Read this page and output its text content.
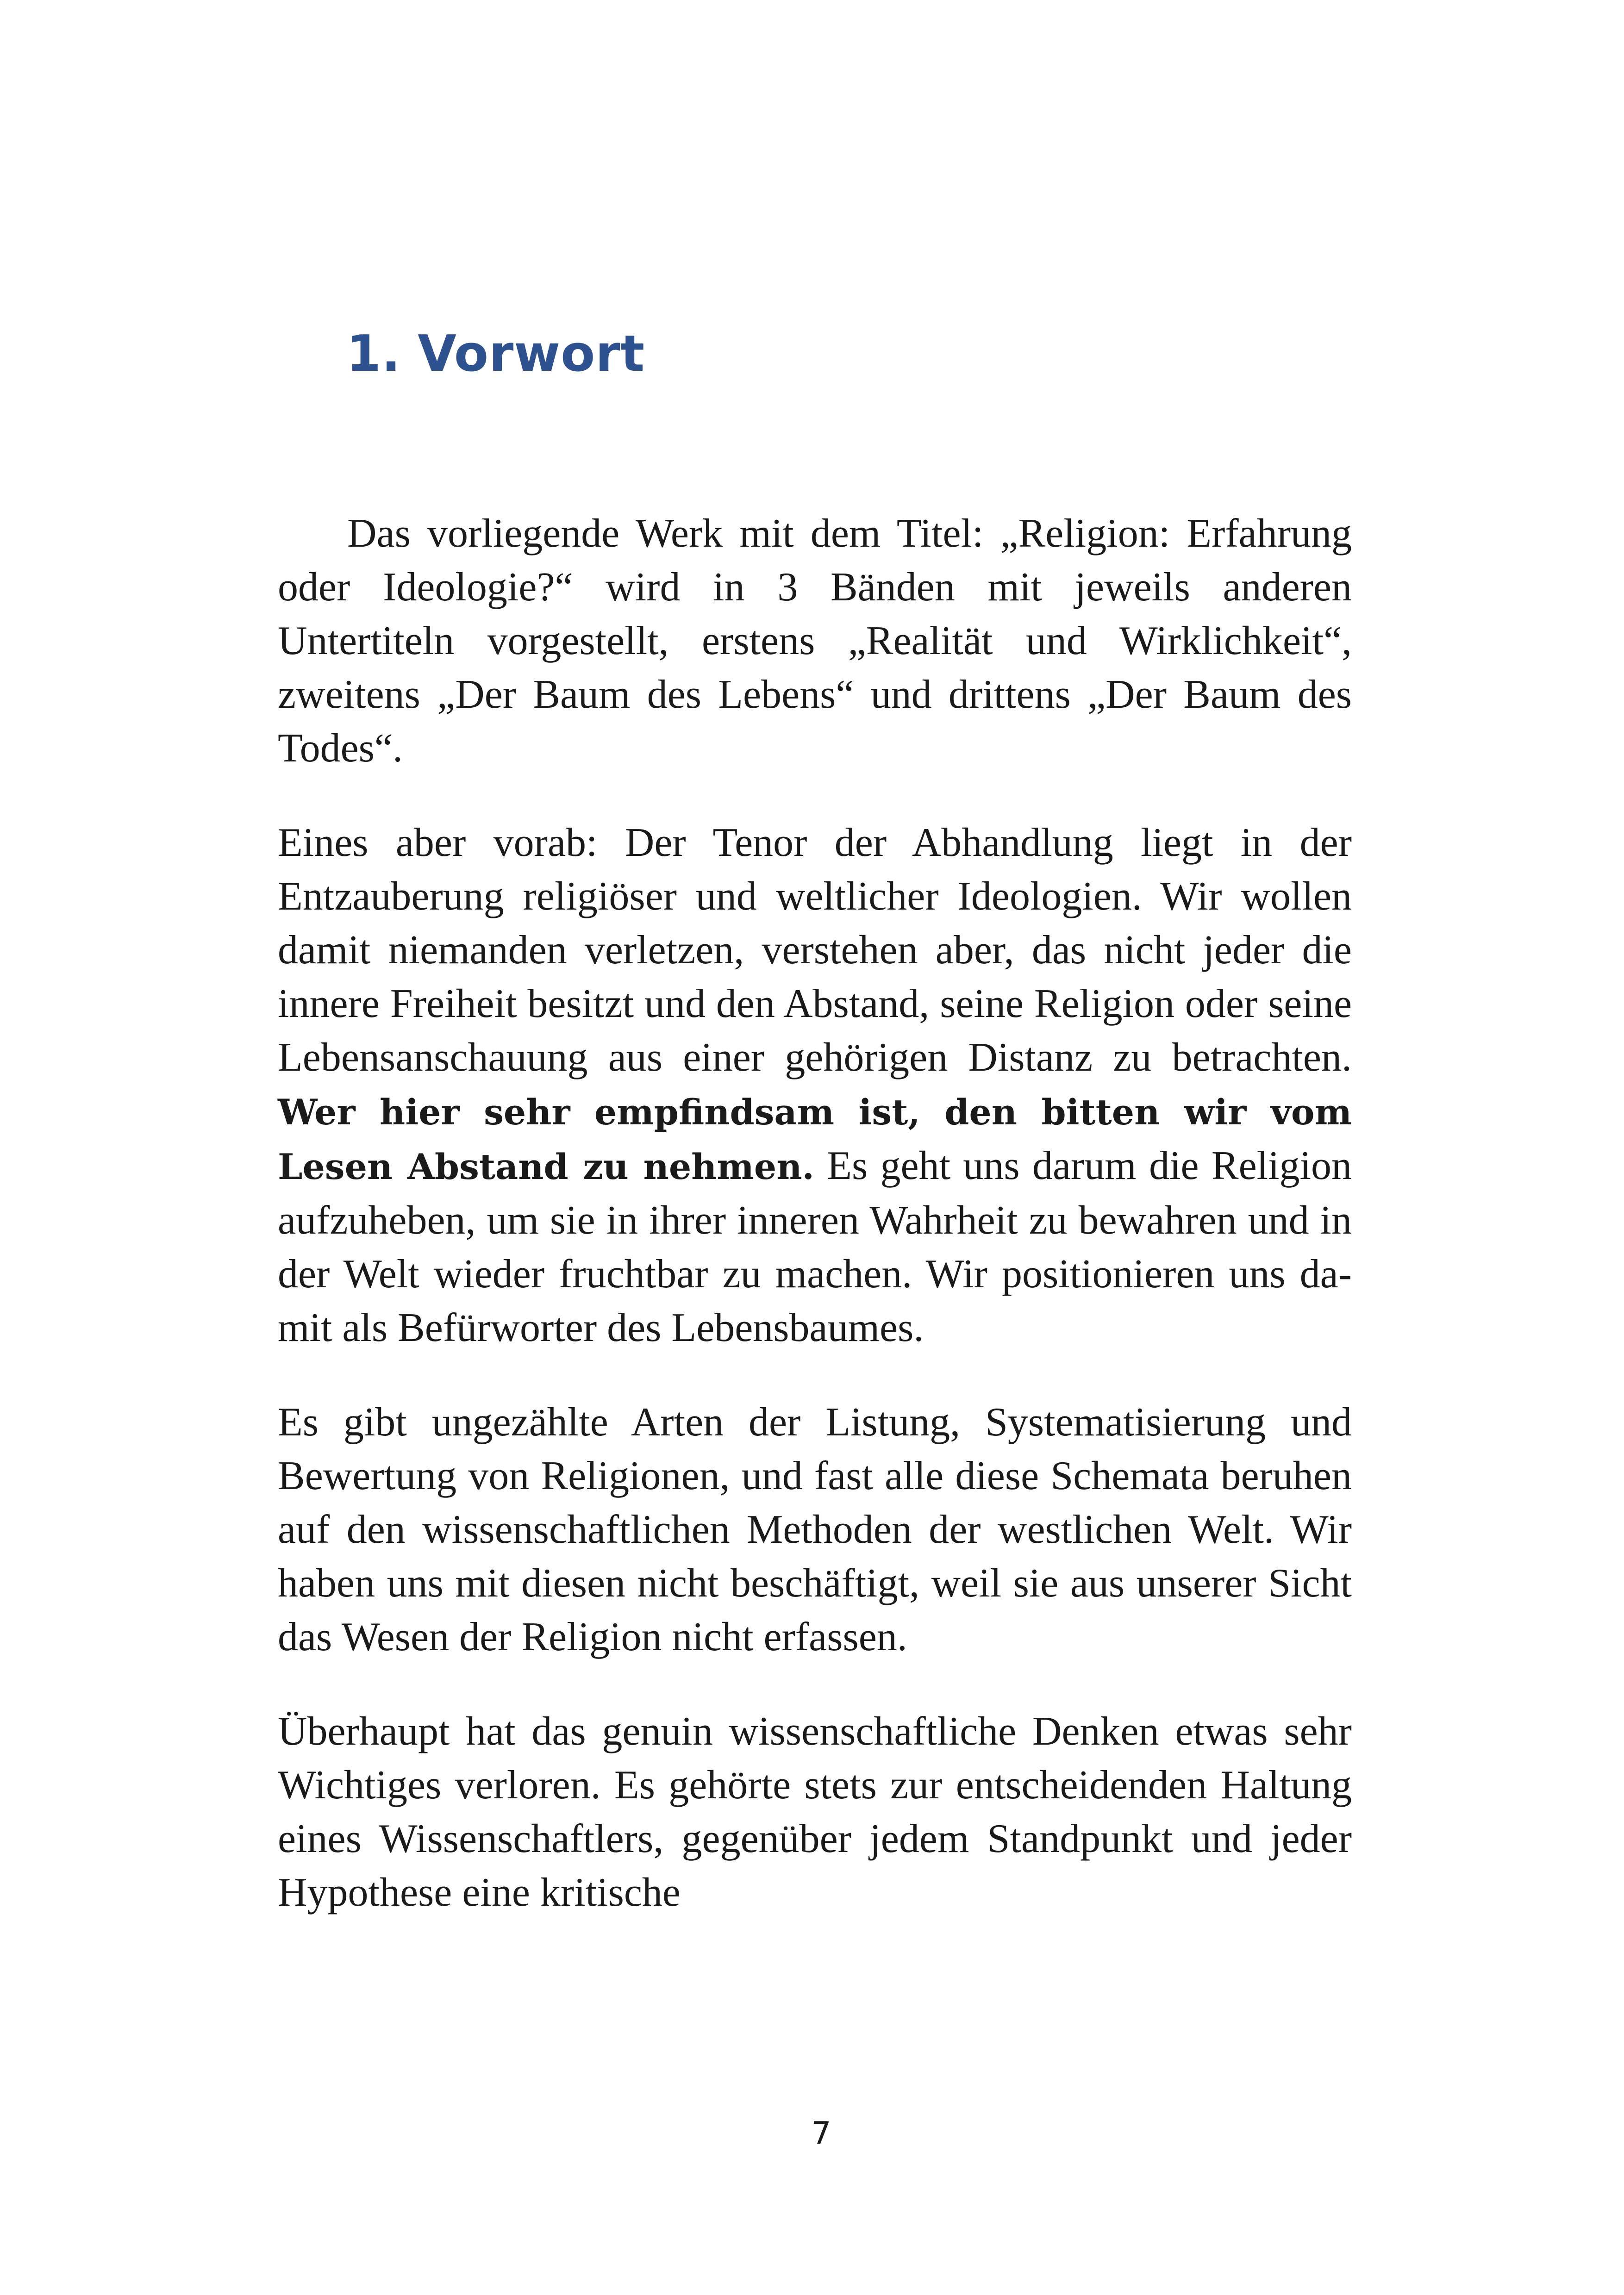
1. Vorwort

Das vorliegende Werk mit dem Titel: „Religion: Erfahrung oder Ideologie?“ wird in 3 Bänden mit jeweils anderen Untertiteln vorgestellt, erstens „Realität und Wirklichkeit“, zweitens „Der Baum des Lebens“ und drittens „Der Baum des Todes“.

Eines aber vorab: Der Tenor der Abhandlung liegt in der Entzauberung religiöser und weltlicher Ideologien. Wir wollen damit niemanden verletzen, verstehen aber, das nicht jeder die innere Freiheit besitzt und den Abstand, seine Religion oder seine Lebensanschauung aus einer gehörigen Distanz zu betrachten. Wer hier sehr empfindsam ist, den bitten wir vom Lesen Abstand zu nehmen. Es geht uns darum die Religion aufzuheben, um sie in ihrer inneren Wahrheit zu bewahren und in der Welt wieder fruchtbar zu machen. Wir positionieren uns damit als Befürworter des Lebensbaumes.

Es gibt ungezählte Arten der Listung, Systematisierung und Bewertung von Religionen, und fast alle diese Schemata beruhen auf den wissenschaftlichen Methoden der westlichen Welt. Wir haben uns mit diesen nicht beschäftigt, weil sie aus unserer Sicht das Wesen der Religion nicht erfassen.

Überhaupt hat das genuin wissenschaftliche Denken etwas sehr Wichtiges verloren. Es gehörte stets zur entscheidenden Haltung eines Wissenschaftlers, gegenüber jedem Standpunkt und jeder Hypothese eine kritische

7
